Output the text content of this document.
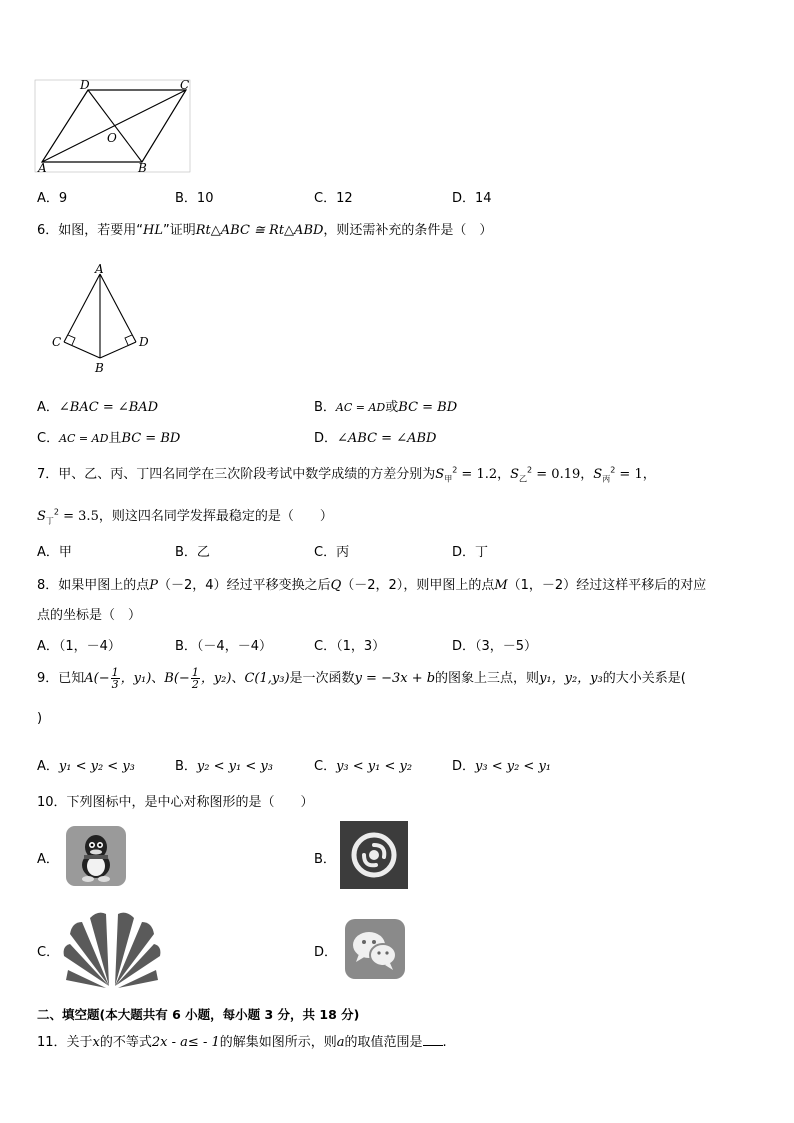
D	C
O
A	B
A．9	B．10	C．12	D．14
6．如图，若要用“HL”证明Rt△ABC ≅ Rt△ABD，则还需补充的条件是（　）
A
C	D
B
A．∠BAC = ∠BAD	B．AC = AD或BC = BD
C．AC = AD且BC = BD	D．∠ABC = ∠ABD
7．甲、乙、丙、丁四名同学在三次阶段考试中数学成绩的方差分别为$S_甲^2 = 1.2$，$S_乙^2 = 0.19$，$S_丙^2 = 1$，
$S_丁^2 = 3.5$，则这四名同学发挥最稳定的是（　　）
A．甲	B．乙	C．丙	D．丁
8．如果甲图上的点P（－2，4）经过平移变换之后Q（－2，2），则甲图上的点M（1，－2）经过这样平移后的对应
点的坐标是（　）
A．（1，－4）	B．（－4，－4）	C．（1，3）	D．（3，－5）
9．已知$A(- \frac{1}{3}$ ，y₁)、$B(- \frac{1}{2}$ ，y₂)、C(1,y₃)是一次函数y = −3x + b的图象上三点，则y₁，y₂，y₃的大小关系是(
)
A．y₁ < y₂ < y₃	B．y₂ < y₁ < y₃	C．y₃ < y₁ < y₂	D．y₃ < y₂ < y₁
10．下列图标中，是中心对称图形的是（　　）
A．	B．
C．	D．
二、填空题(本大题共有 6 小题，每小题 3 分，共 18 分)
11．关于x的不等式2x - a≤ - 1的解集如图所示，则a的取值范围是 .
